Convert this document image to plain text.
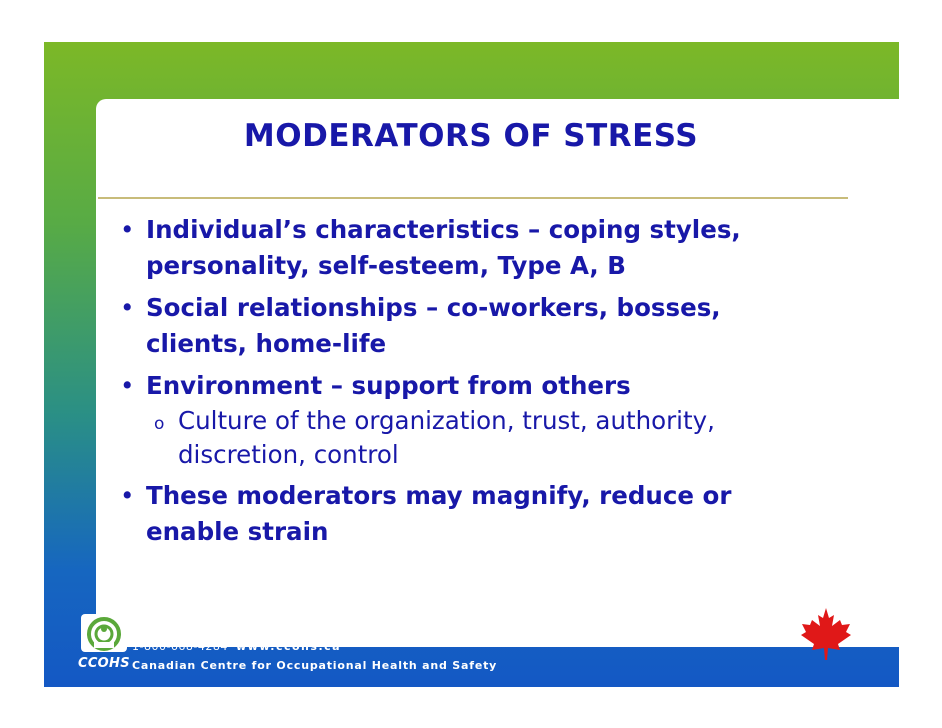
MODERATORS OF STRESS
• Individual’s characteristics – coping styles,
personality, self-esteem, Type A, B
• Social relationships – co-workers, bosses,
clients, home-life
• Environment – support from others
o Culture of the organization, trust, authority,
discretion, control
• These moderators may magnify, reduce or
enable strain
CCOHS
Len Hong, PCEO
Hongl@ccohs.ca
1-800-668-4284 www.ccohs.ca
Canadian Centre for Occupational Health and Safety
